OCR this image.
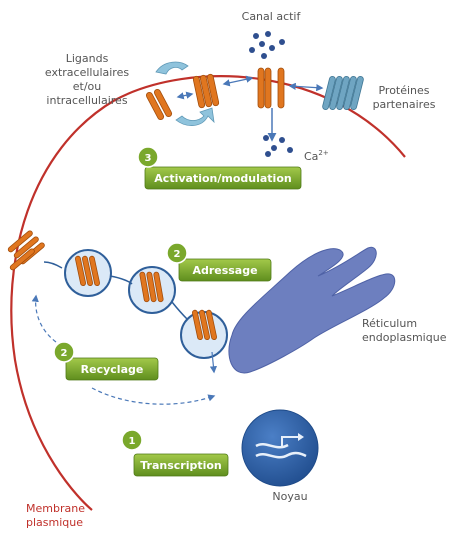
Activation/modulation
3
Adressage
2
Recyclage
2
Transcription
1
Canal actif
Ligands
extracellulaires
et/ou
intracellulaires
Protéines
partenaires
$Ca^{2+}$
Réticulum
endoplasmique
Noyau
Membrane
plasmique
